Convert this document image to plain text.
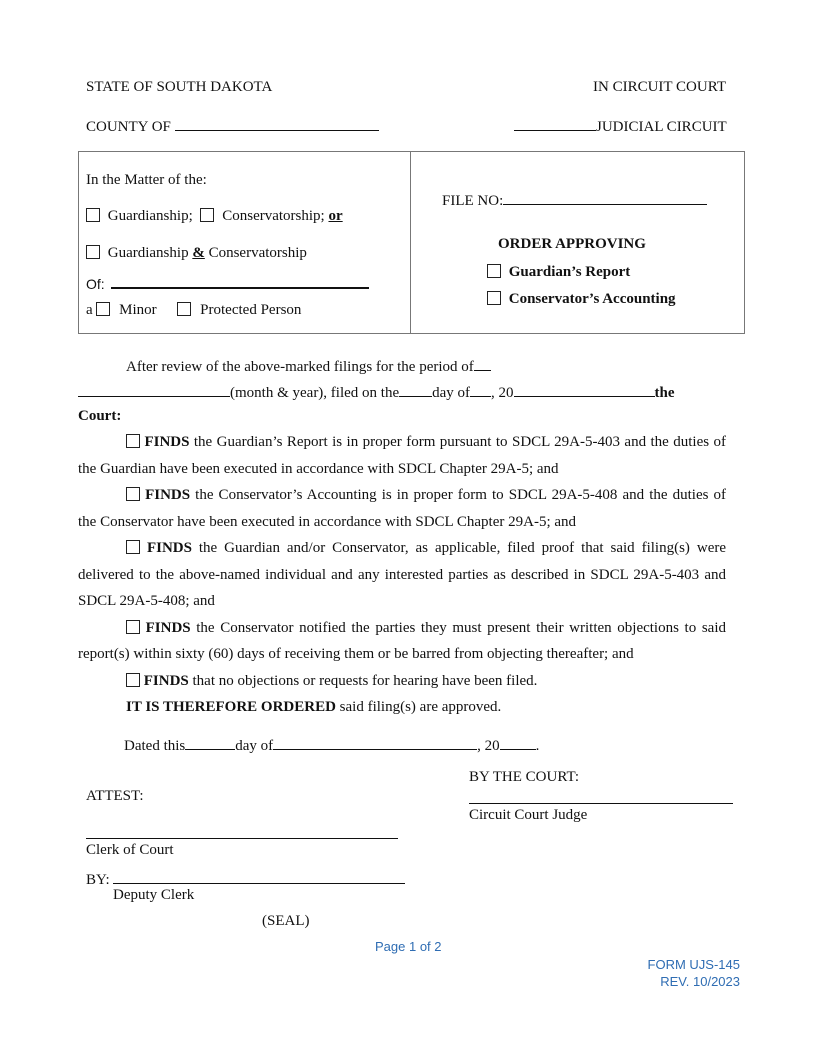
STATE OF SOUTH DAKOTA	IN CIRCUIT COURT
COUNTY OF	JUDICIAL CIRCUIT
In the Matter of the:
Guardianship; Conservatorship; or
Guardianship & Conservatorship
Of:
a Minor	Protected Person
FILE NO:
ORDER APPROVING
Guardian’s Report
Conservator’s Accounting
After review of the above-marked filings for the period of
(month & year), filed on the day of , 20	the
Court:

FINDS the Guardian’s Report is in proper form pursuant to SDCL 29A-5-403 and the duties of the Guardian have been executed in accordance with SDCL Chapter 29A-5; and

FINDS the Conservator’s Accounting is in proper form to SDCL 29A-5-408 and the duties of the Conservator have been executed in accordance with SDCL Chapter 29A-5; and

FINDS the Guardian and/or Conservator, as applicable, filed proof that said filing(s) were delivered to the above-named individual and any interested parties as described in SDCL 29A-5-403 and SDCL 29A-5-408; and

FINDS the Conservator notified the parties they must present their written objections to said report(s) within sixty (60) days of receiving them or be barred from objecting thereafter; and

FINDS that no objections or requests for hearing have been filed.

IT IS THEREFORE ORDERED said filing(s) are approved.

Dated this	day of	, 20 .
BY THE COURT:
Circuit Court Judge
ATTEST:
Clerk of Court
BY:
Deputy Clerk
(SEAL)
Page 1 of 2
FORM UJS-145
REV. 10/2023
